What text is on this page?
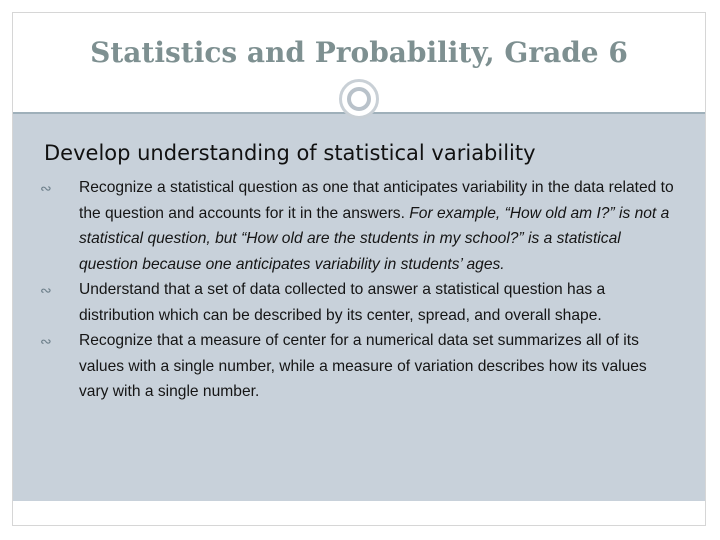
Statistics and Probability, Grade 6
Develop understanding of statistical variability
∾ Recognize a statistical question as one that anticipates variability in the data related to the question and accounts for it in the answers. For example, “How old am I?” is not a statistical question, but “How old are the students in my school?” is a statistical question because one anticipates variability in students’ ages.
∾ Understand that a set of data collected to answer a statistical question has a distribution which can be described by its center, spread, and overall shape.
∾ Recognize that a measure of center for a numerical data set summarizes all of its values with a single number, while a measure of variation describes how its values vary with a single number.
